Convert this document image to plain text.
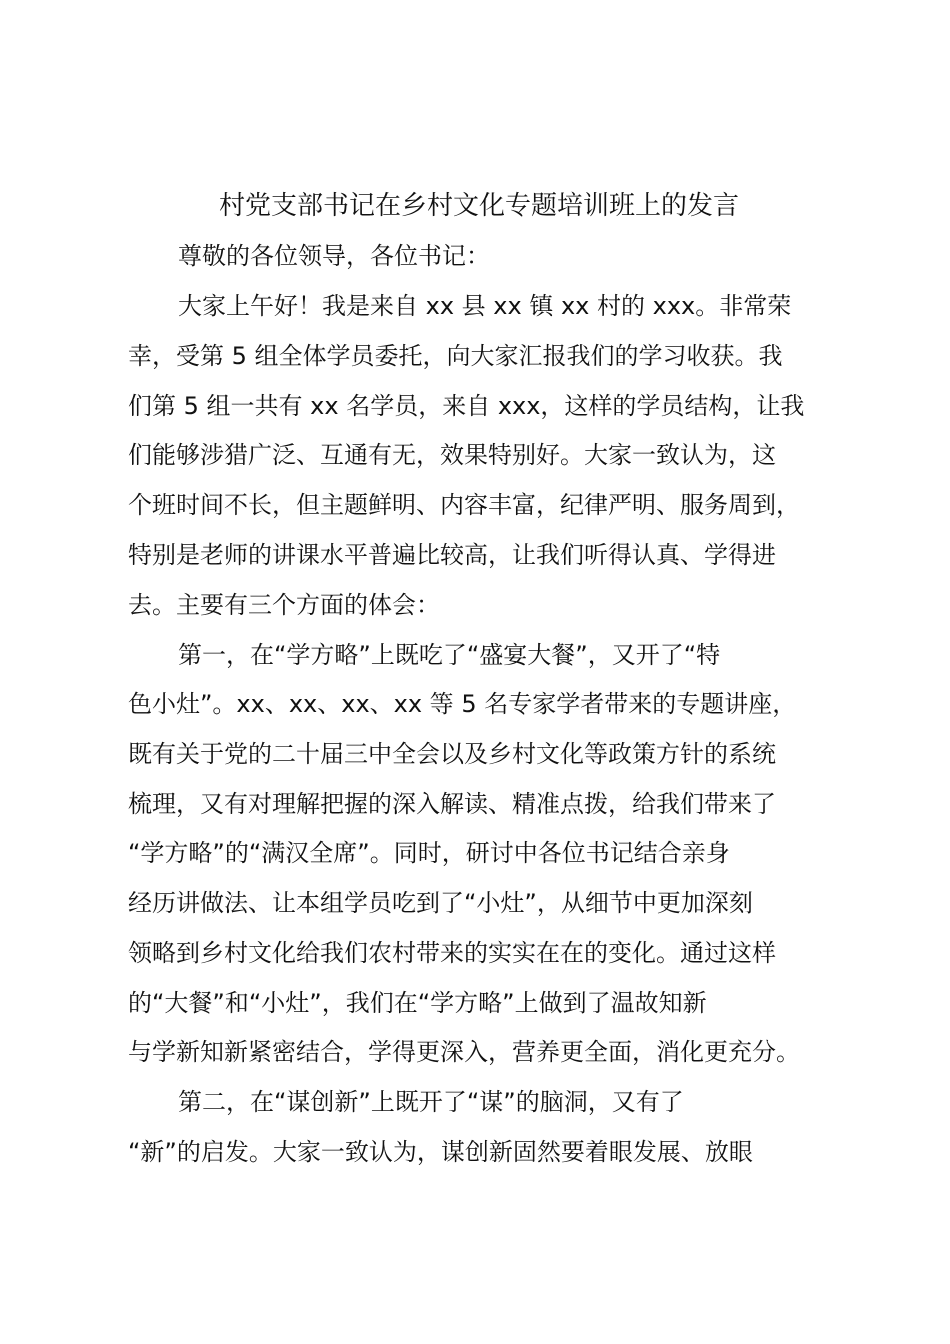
村党支部书记在乡村文化专题培训班上的发言

尊敬的各位领导，各位书记：

大家上午好！我是来自 xx 县 xx 镇 xx 村的 xxx。非常荣

幸，受第 5 组全体学员委托，向大家汇报我们的学习收获。我

们第 5 组一共有 xx 名学员，来自 xxx，这样的学员结构，让我

们能够涉猎广泛、互通有无，效果特别好。大家一致认为，这

个班时间不长，但主题鲜明、内容丰富，纪律严明、服务周到，

特别是老师的讲课水平普遍比较高，让我们听得认真、学得进

去。主要有三个方面的体会：

第一，在“学方略”上既吃了“盛宴大餐”，又开了“特

色小灶”。xx、xx、xx、xx 等 5 名专家学者带来的专题讲座，

既有关于党的二十届三中全会以及乡村文化等政策方针的系统

梳理，又有对理解把握的深入解读、精准点拨，给我们带来了

“学方略”的“满汉全席”。同时，研讨中各位书记结合亲身

经历讲做法、让本组学员吃到了“小灶”，从细节中更加深刻

领略到乡村文化给我们农村带来的实实在在的变化。通过这样

的“大餐”和“小灶”，我们在“学方略”上做到了温故知新

与学新知新紧密结合，学得更深入，营养更全面，消化更充分。

第二，在“谋创新”上既开了“谋”的脑洞，又有了

“新”的启发。大家一致认为，谋创新固然要着眼发展、放眼
